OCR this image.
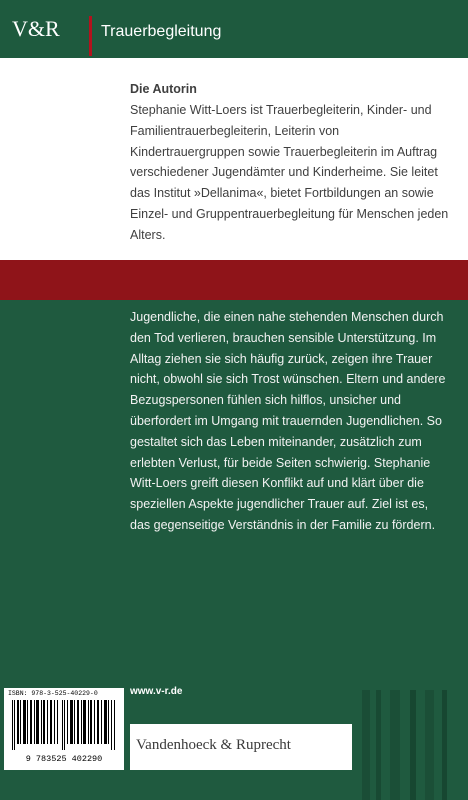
V&R	Trauerbegleitung
Die Autorin
Stephanie Witt-Loers ist Trauerbegleiterin, Kinder- und Familientrauerbegleiterin, Leiterin von Kindertrauergruppen sowie Trauerbegleiterin im Auftrag verschiedener Jugendämter und Kinderheime. Sie leitet das Institut »Dellanima«, bietet Fortbildungen an sowie Einzel- und Gruppentrauerbegleitung für Menschen jeden Alters.
Jugendliche, die einen nahe stehenden Menschen durch den Tod verlieren, brauchen sensible Unterstützung. Im Alltag ziehen sie sich häufig zurück, zeigen ihre Trauer nicht, obwohl sie sich Trost wünschen. Eltern und andere Bezugspersonen fühlen sich hilflos, unsicher und überfordert im Umgang mit trauernden Jugendlichen. So gestaltet sich das Leben miteinander, zusätzlich zum erlebten Verlust, für beide Seiten schwierig. Stephanie Witt-Loers greift diesen Konflikt auf und klärt über die speziellen Aspekte jugendlicher Trauer auf. Ziel ist es, das gegenseitige Verständnis in der Familie zu fördern.
www.v-r.de
ISBN: 978-3-525-40229-0
9 783525 402290
Vandenhoeck & Ruprecht
